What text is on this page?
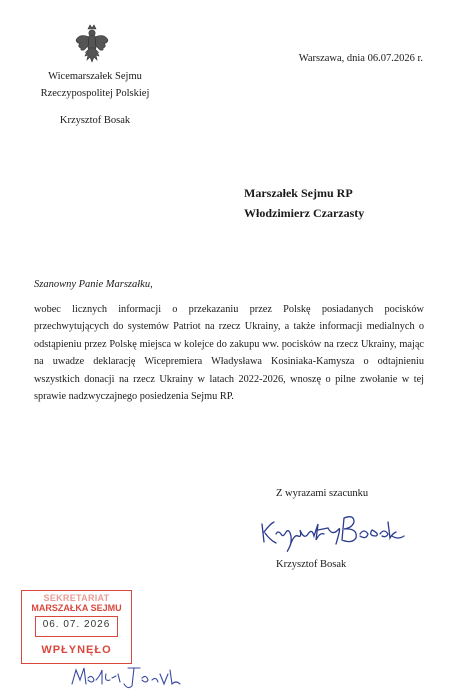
Wicemarszałek Sejmu
Rzeczypospolitej Polskiej

Krzysztof Bosak
Warszawa, dnia 06.07.2026 r.
Marszałek Sejmu RP
Włodzimierz Czarzasty
Szanowny Panie Marszałku,
wobec licznych informacji o przekazaniu przez Polskę posiadanych pocisków przechwytujących do systemów Patriot na rzecz Ukrainy, a także informacji medialnych o odstąpieniu przez Polskę miejsca w kolejce do zakupu ww. pocisków na rzecz Ukrainy, mając na uwadze deklarację Wicepremiera Władysława Kosiniaka-Kamysza o odtajnieniu wszystkich donacji na rzecz Ukrainy w latach 2022-2026, wnoszę o pilne zwołanie w tej sprawie nadzwyczajnego posiedzenia Sejmu RP.
Z wyrazami szacunku
Krzysztof Bosak
SEKRETARIAT
MARSZAŁKA SEJMU
06. 07. 2026
WPŁYNĘŁO
